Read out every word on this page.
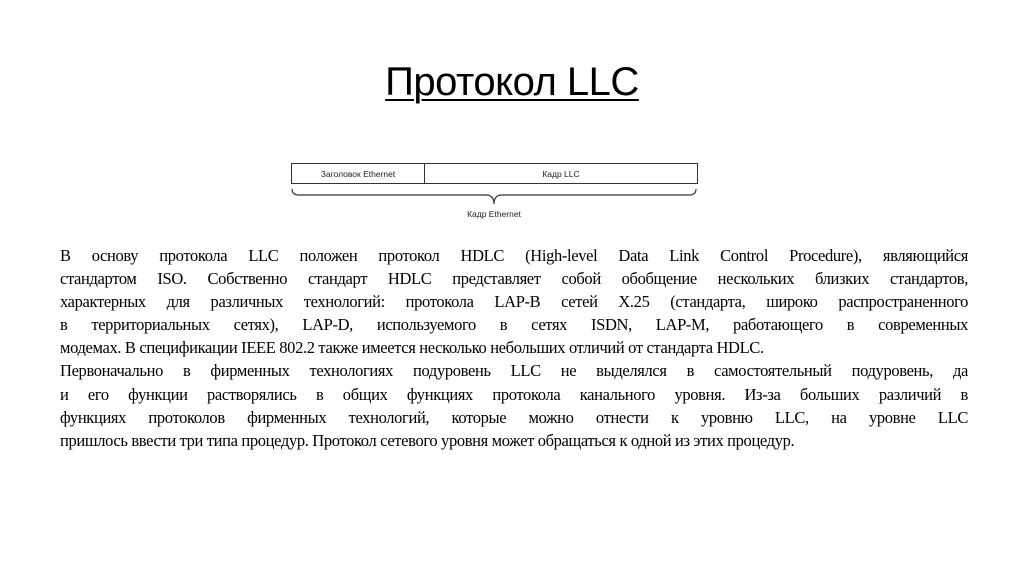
Протокол LLC
Заголовок Ethernet	Кадр LLC
Кадр Ethernet
В основу протокола LLC положен протокол HDLC (High-level Data Link Control Procedure), являющийся
стандартом ISO. Собственно стандарт HDLC представляет собой обобщение нескольких близких стандартов,
характерных для различных технологий: протокола LAP-B сетей X.25 (стандарта, широко распространенного
в территориальных сетях), LAP-D, используемого в сетях ISDN, LAP-M, работающего в современных
модемах. В спецификации IEEE 802.2 также имеется несколько небольших отличий от стандарта HDLC.
Первоначально в фирменных технологиях подуровень LLC не выделялся в самостоятельный подуровень, да
и его функции растворялись в общих функциях протокола канального уровня. Из-за больших различий в
функциях протоколов фирменных технологий, которые можно отнести к уровню LLC, на уровне LLC
пришлось ввести три типа процедур. Протокол сетевого уровня может обращаться к одной из этих процедур.
